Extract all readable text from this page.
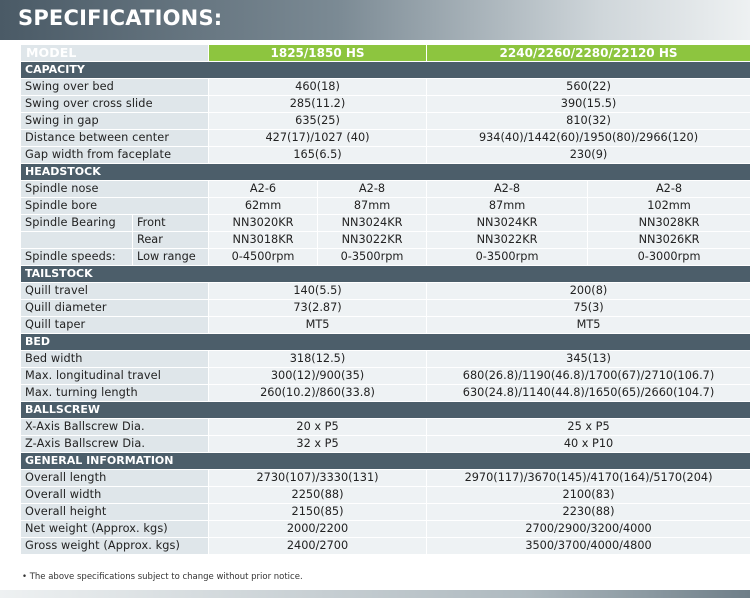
SPECIFICATIONS:
MODEL		1825/1850 HS		2240/2260/2280/22120 HS	
CAPACITY					
Swing over bed		460(18)		560(22)	
Swing over cross slide		285(11.2)		390(15.5)	
Swing in gap		635(25)		810(32)	
Distance between center		427(17)/1027 (40)		934(40)/1442(60)/1950(80)/2966(120)	
Gap width from faceplate		165(6.5)		230(9)	
HEADSTOCK					
Spindle nose		A2-6	A2-8	A2-8	A2-8
Spindle bore		62mm	87mm	87mm	102mm
Spindle Bearing	Front	NN3020KR	NN3024KR	NN3024KR	NN3028KR
	Rear	NN3018KR	NN3022KR	NN3022KR	NN3026KR
Spindle speeds:	Low range	0-4500rpm	0-3500rpm	0-3500rpm	0-3000rpm
TAILSTOCK					
Quill travel		140(5.5)		200(8)	
Quill diameter		73(2.87)		75(3)	
Quill taper		MT5		MT5	
BED					
Bed width		318(12.5)		345(13)	
Max. longitudinal travel		300(12)/900(35)		680(26.8)/1190(46.8)/1700(67)/2710(106.7)	
Max. turning length		260(10.2)/860(33.8)		630(24.8)/1140(44.8)/1650(65)/2660(104.7)	
BALLSCREW					
X-Axis Ballscrew Dia.		20 x P5		25 x P5	
Z-Axis Ballscrew Dia.		32 x P5		40 x P10	
GENERAL INFORMATION					
Overall length		2730(107)/3330(131)		2970(117)/3670(145)/4170(164)/5170(204)	
Overall width		2250(88)		2100(83)	
Overall height		2150(85)		2230(88)	
Net weight (Approx. kgs)		2000/2200		2700/2900/3200/4000	
Gross weight (Approx. kgs)		2400/2700		3500/3700/4000/4800	
• The above specifications subject to change without prior notice.
